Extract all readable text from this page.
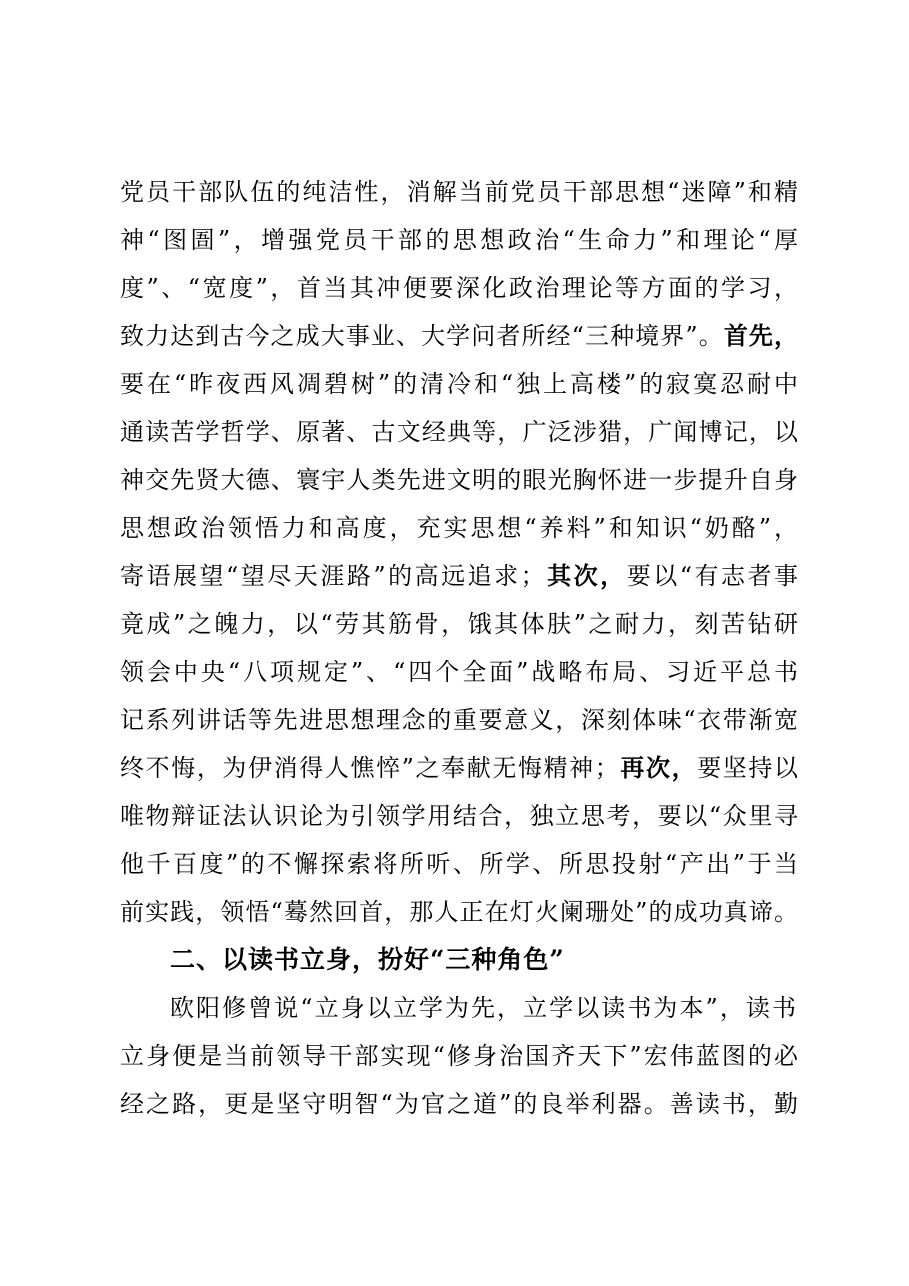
党员干部队伍的纯洁性，消解当前党员干部思想“迷障”和精
神“图圄”，增强党员干部的思想政治“生命力”和理论“厚
度”、“宽度”，首当其冲便要深化政治理论等方面的学习，
致力达到古今之成大事业、大学问者所经“三种境界”。首先，
要在“昨夜西风凋碧树”的清冷和“独上高楼”的寂寞忍耐中
通读苦学哲学、原著、古文经典等，广泛涉猎，广闻博记，以
神交先贤大德、寰宇人类先进文明的眼光胸怀进一步提升自身
思想政治领悟力和高度，充实思想“养料”和知识“奶酪”，
寄语展望“望尽天涯路”的高远追求；其次，要以“有志者事
竟成”之魄力，以“劳其筋骨，饿其体肤”之耐力，刻苦钻研
领会中央“八项规定”、“四个全面”战略布局、习近平总书
记系列讲话等先进思想理念的重要意义，深刻体味“衣带渐宽
终不悔，为伊消得人憔悴”之奉献无悔精神；再次，要坚持以
唯物辩证法认识论为引领学用结合，独立思考，要以“众里寻
他千百度”的不懈探索将所听、所学、所思投射“产出”于当
前实践，领悟“蓦然回首，那人正在灯火阑珊处”的成功真谛。
二、以读书立身，扮好“三种角色”
欧阳修曾说“立身以立学为先，立学以读书为本”，读书
立身便是当前领导干部实现“修身治国齐天下”宏伟蓝图的必
经之路，更是坚守明智“为官之道”的良举利器。善读书，勤
